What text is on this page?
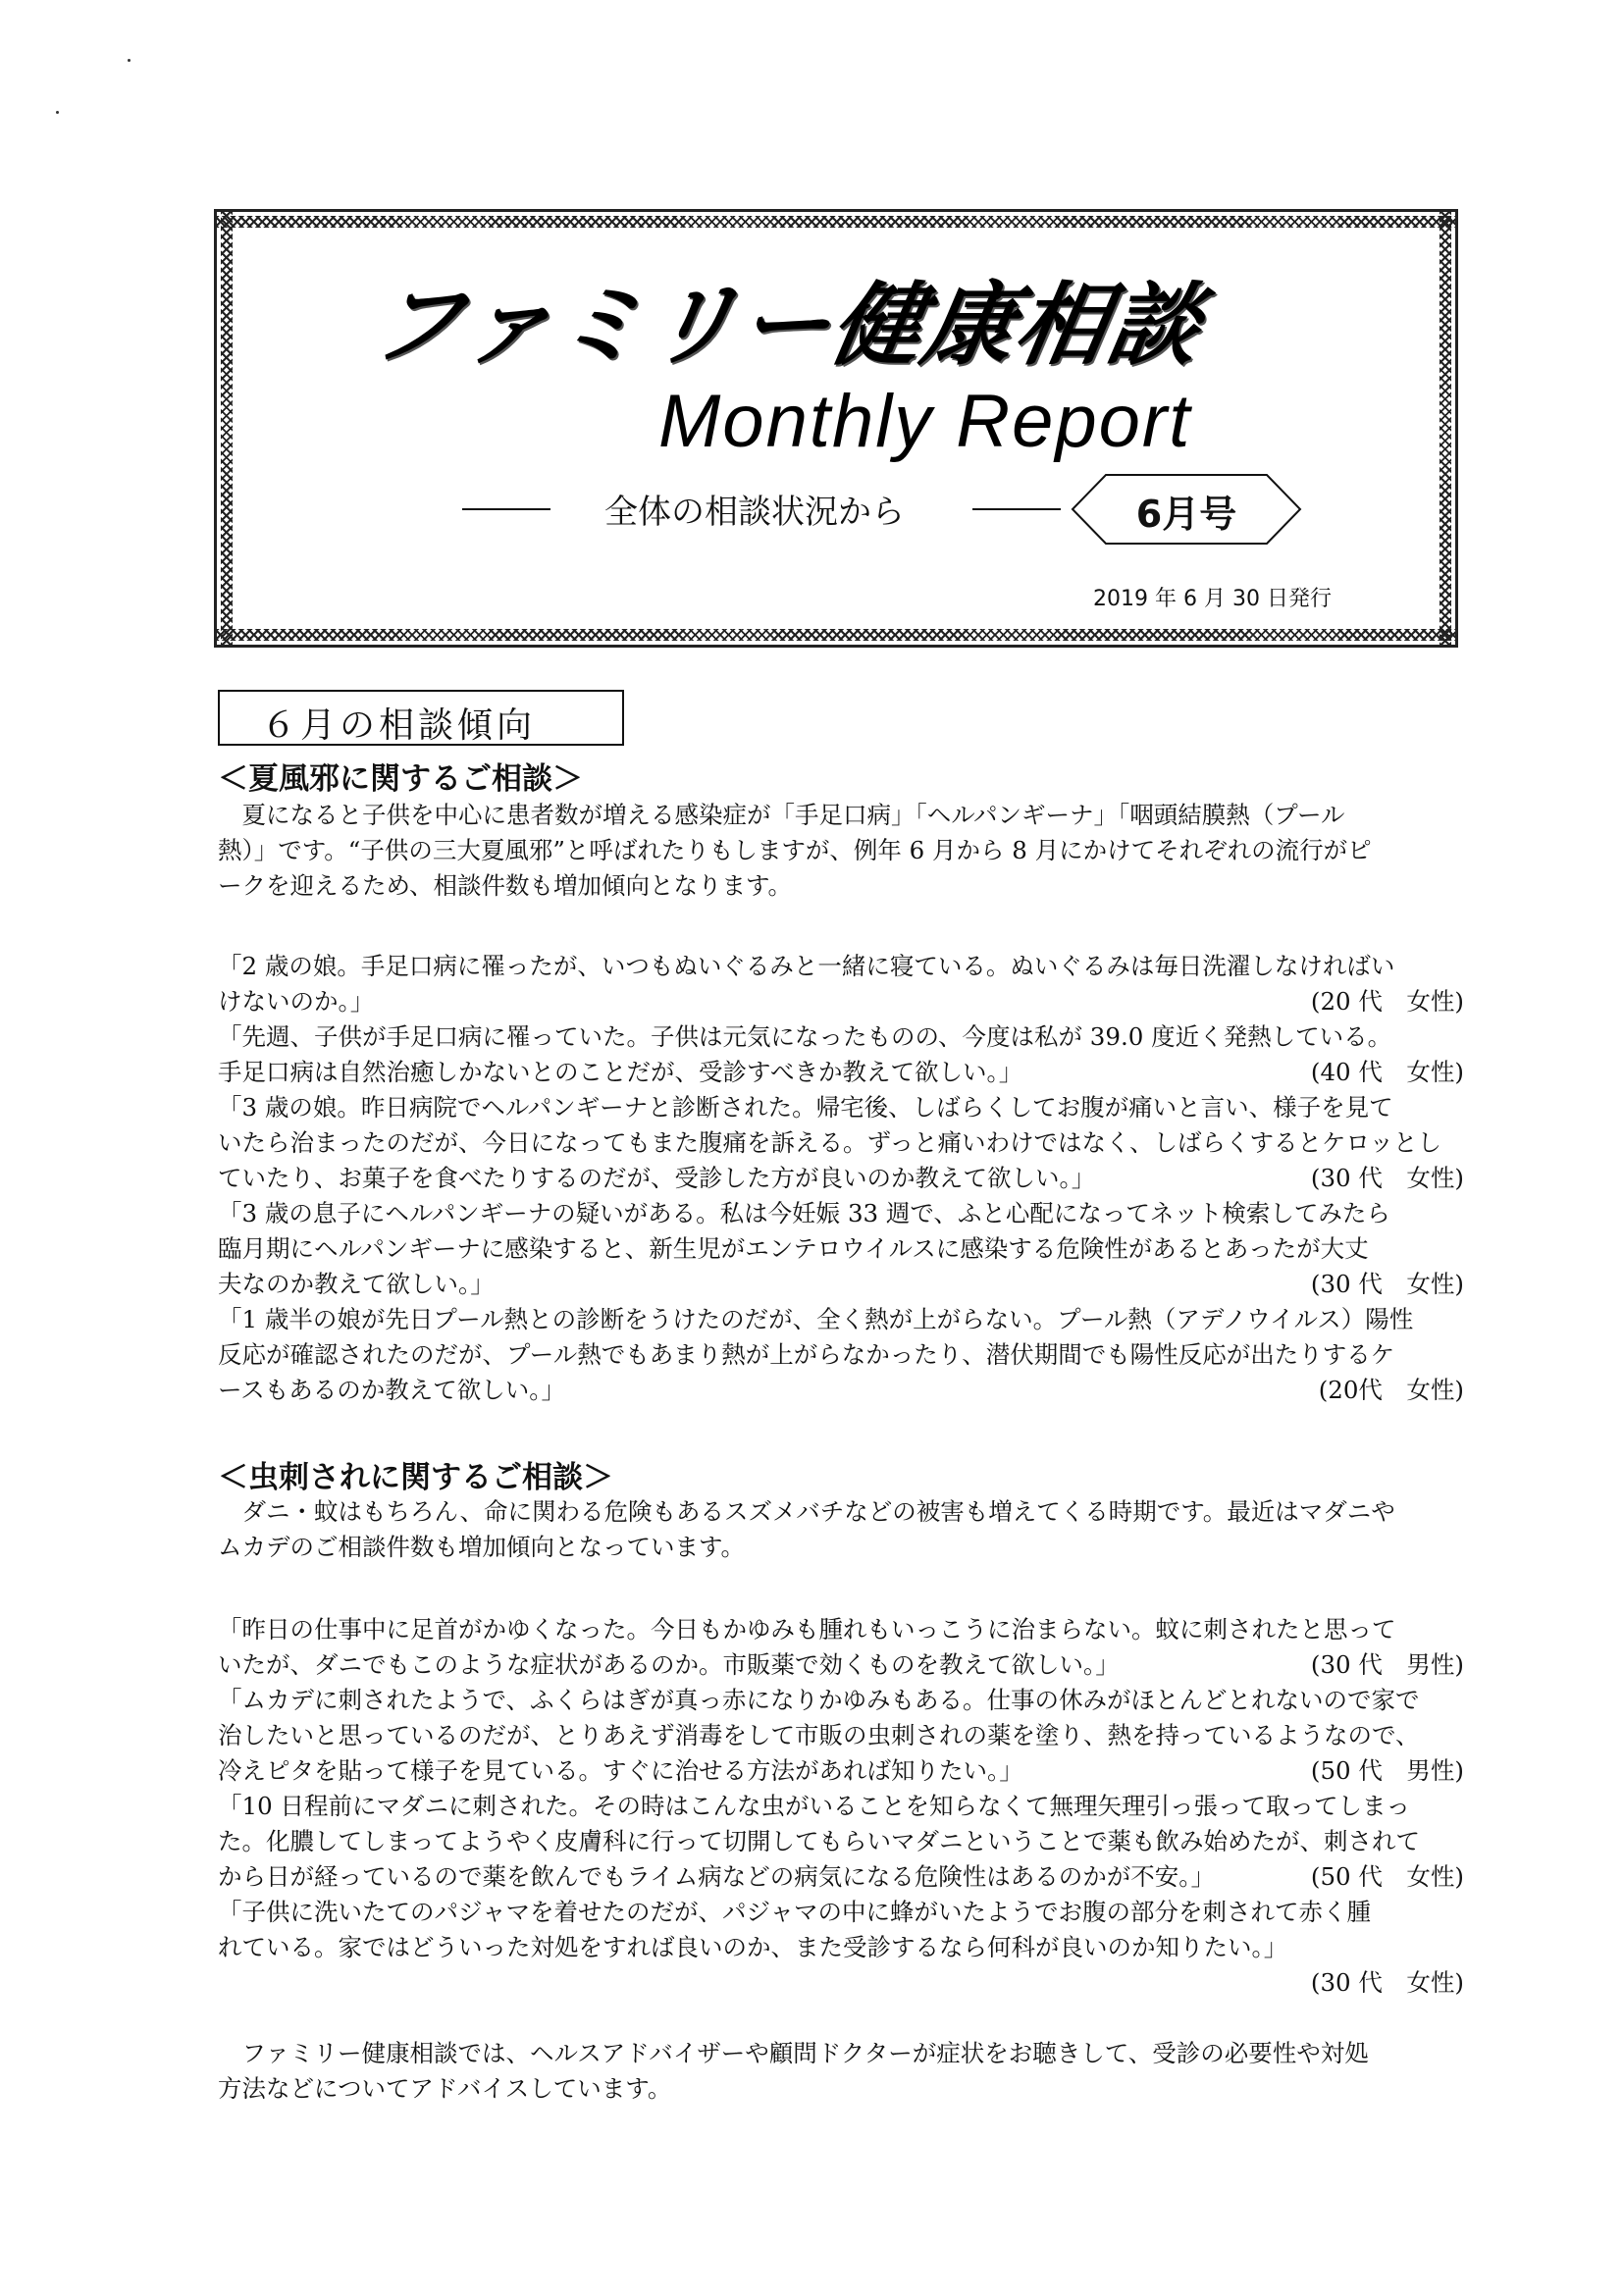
ファミリー健康相談
Monthly Report
全体の相談状況から	6月号
2019 年 6 月 30 日発行
６月の相談傾向
＜夏風邪に関するご相談＞
夏になると子供を中心に患者数が増える感染症が「手足口病」「ヘルパンギーナ」「咽頭結膜熱（プール
熱）」です。“子供の三大夏風邪”と呼ばれたりもしますが、例年 6 月から 8 月にかけてそれぞれの流行がピ
ークを迎えるため、相談件数も増加傾向となります。
「2 歳の娘。手足口病に罹ったが、いつもぬいぐるみと一緒に寝ている。ぬいぐるみは毎日洗濯しなければい
けないのか。」	(20 代　女性)
「先週、子供が手足口病に罹っていた。子供は元気になったものの、今度は私が 39.0 度近く発熱している。
手足口病は自然治癒しかないとのことだが、受診すべきか教えて欲しい。」	(40 代　女性)
「3 歳の娘。昨日病院でヘルパンギーナと診断された。帰宅後、しばらくしてお腹が痛いと言い、様子を見て
いたら治まったのだが、今日になってもまた腹痛を訴える。ずっと痛いわけではなく、しばらくするとケロッとし
ていたり、お菓子を食べたりするのだが、受診した方が良いのか教えて欲しい。」	(30 代　女性)
「3 歳の息子にヘルパンギーナの疑いがある。私は今妊娠 33 週で、ふと心配になってネット検索してみたら
臨月期にヘルパンギーナに感染すると、新生児がエンテロウイルスに感染する危険性があるとあったが大丈
夫なのか教えて欲しい。」	(30 代　女性)
「1 歳半の娘が先日プール熱との診断をうけたのだが、全く熱が上がらない。プール熱（アデノウイルス）陽性
反応が確認されたのだが、プール熱でもあまり熱が上がらなかったり、潜伏期間でも陽性反応が出たりするケ
ースもあるのか教えて欲しい。」	(20代　女性)
＜虫刺されに関するご相談＞
ダニ・蚊はもちろん、命に関わる危険もあるスズメバチなどの被害も増えてくる時期です。最近はマダニや
ムカデのご相談件数も増加傾向となっています。
「昨日の仕事中に足首がかゆくなった。今日もかゆみも腫れもいっこうに治まらない。蚊に刺されたと思って
いたが、ダニでもこのような症状があるのか。市販薬で効くものを教えて欲しい。」	(30 代　男性)
「ムカデに刺されたようで、ふくらはぎが真っ赤になりかゆみもある。仕事の休みがほとんどとれないので家で
治したいと思っているのだが、とりあえず消毒をして市販の虫刺されの薬を塗り、熱を持っているようなので、
冷えピタを貼って様子を見ている。すぐに治せる方法があれば知りたい。」	(50 代　男性)
「10 日程前にマダニに刺された。その時はこんな虫がいることを知らなくて無理矢理引っ張って取ってしまっ
た。化膿してしまってようやく皮膚科に行って切開してもらいマダニということで薬も飲み始めたが、刺されて
から日が経っているので薬を飲んでもライム病などの病気になる危険性はあるのかが不安。」	(50 代　女性)
「子供に洗いたてのパジャマを着せたのだが、パジャマの中に蜂がいたようでお腹の部分を刺されて赤く腫
れている。家ではどういった対処をすれば良いのか、また受診するなら何科が良いのか知りたい。」
(30 代　女性)
ファミリー健康相談では、ヘルスアドバイザーや顧問ドクターが症状をお聴きして、受診の必要性や対処
方法などについてアドバイスしています。
